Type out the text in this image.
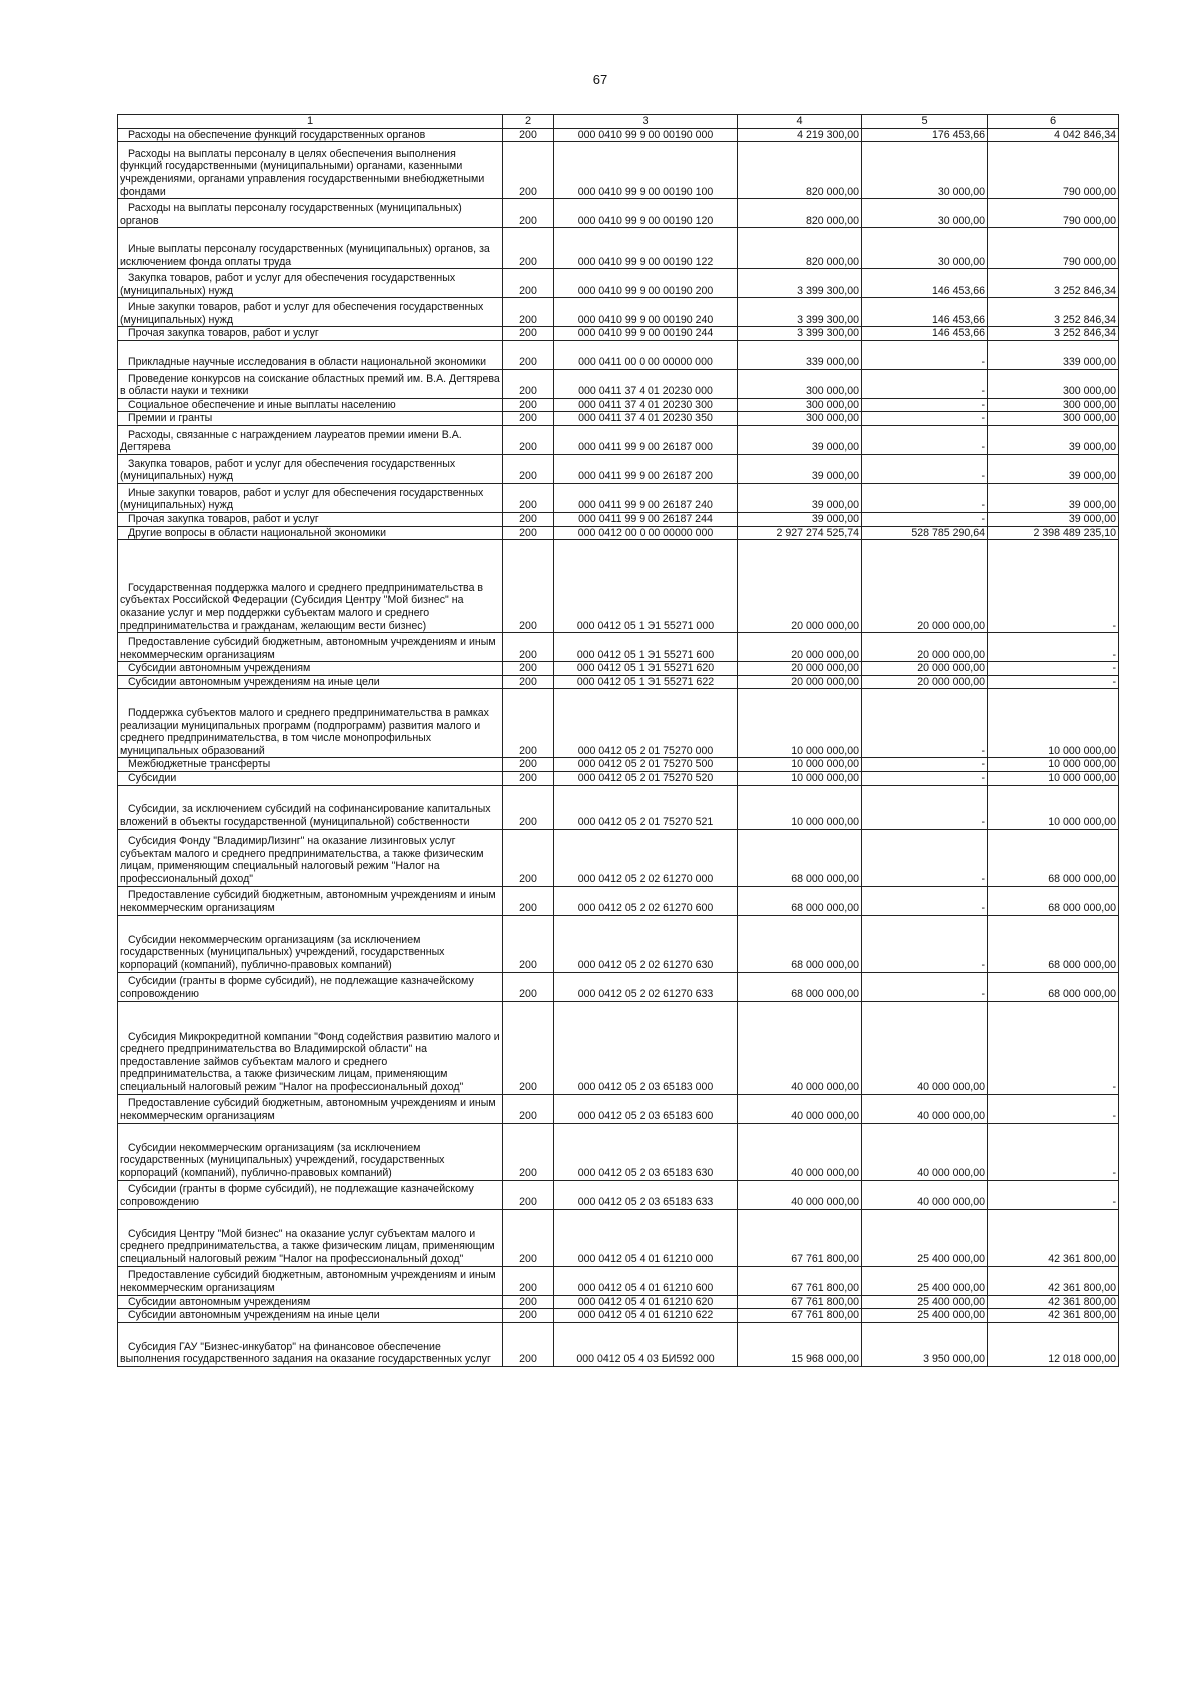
67
1	2	3	4	5	6

Расходы на обеспечение функций государственных органов	200	000 0410 99 9 00 00190 000	4 219 300,00	176 453,66	4 042 846,34

Расходы на выплаты персоналу в целях обеспечения выполнения функций государственными (муниципальными) органами, казенными учреждениями, органами управления государственными внебюджетными фондами	200	000 0410 99 9 00 00190 100	820 000,00	30 000,00	790 000,00

Расходы на выплаты персоналу государственных (муниципальных) органов	200	000 0410 99 9 00 00190 120	820 000,00	30 000,00	790 000,00

Иные выплаты персоналу государственных (муниципальных) органов, за исключением фонда оплаты труда	200	000 0410 99 9 00 00190 122	820 000,00	30 000,00	790 000,00

Закупка товаров, работ и услуг для обеспечения государственных (муниципальных) нужд	200	000 0410 99 9 00 00190 200	3 399 300,00	146 453,66	3 252 846,34

Иные закупки товаров, работ и услуг для обеспечения государственных (муниципальных) нужд	200	000 0410 99 9 00 00190 240	3 399 300,00	146 453,66	3 252 846,34

Прочая закупка товаров, работ и услуг	200	000 0410 99 9 00 00190 244	3 399 300,00	146 453,66	3 252 846,34

Прикладные научные исследования в области национальной экономики	200	000 0411 00 0 00 00000 000	339 000,00	-	339 000,00

Проведение конкурсов на соискание областных премий им. В.А. Дегтярева в области науки и техники	200	000 0411 37 4 01 20230 000	300 000,00	-	300 000,00

Социальное обеспечение и иные выплаты населению	200	000 0411 37 4 01 20230 300	300 000,00	-	300 000,00

Премии и гранты	200	000 0411 37 4 01 20230 350	300 000,00	-	300 000,00

Расходы, связанные с награждением лауреатов премии имени В.А. Дегтярева	200	000 0411 99 9 00 26187 000	39 000,00	-	39 000,00

Закупка товаров, работ и услуг для обеспечения государственных (муниципальных) нужд	200	000 0411 99 9 00 26187 200	39 000,00	-	39 000,00

Иные закупки товаров, работ и услуг для обеспечения государственных (муниципальных) нужд	200	000 0411 99 9 00 26187 240	39 000,00	-	39 000,00

Прочая закупка товаров, работ и услуг	200	000 0411 99 9 00 26187 244	39 000,00	-	39 000,00

Другие вопросы в области национальной экономики	200	000 0412 00 0 00 00000 000	2 927 274 525,74	528 785 290,64	2 398 489 235,10

Государственная поддержка малого и среднего предпринимательства в субъектах Российской Федерации (Субсидия Центру "Мой бизнес" на оказание услуг и мер поддержки субъектам малого и среднего предпринимательства и гражданам, желающим вести бизнес)	200	000 0412 05 1 Э1 55271 000	20 000 000,00	20 000 000,00	-

Предоставление субсидий бюджетным, автономным учреждениям и иным некоммерческим организациям	200	000 0412 05 1 Э1 55271 600	20 000 000,00	20 000 000,00	-

Субсидии автономным учреждениям	200	000 0412 05 1 Э1 55271 620	20 000 000,00	20 000 000,00	-

Субсидии автономным учреждениям на иные цели	200	000 0412 05 1 Э1 55271 622	20 000 000,00	20 000 000,00	-

Поддержка субъектов малого и среднего предпринимательства в рамках реализации муниципальных программ (подпрограмм) развития малого и среднего предпринимательства, в том числе монопрофильных муниципальных образований	200	000 0412 05 2 01 75270 000	10 000 000,00	-	10 000 000,00

Межбюджетные трансферты	200	000 0412 05 2 01 75270 500	10 000 000,00	-	10 000 000,00

Субсидии	200	000 0412 05 2 01 75270 520	10 000 000,00	-	10 000 000,00

Субсидии, за исключением субсидий на софинансирование капитальных вложений в объекты государственной (муниципальной) собственности	200	000 0412 05 2 01 75270 521	10 000 000,00	-	10 000 000,00

Субсидия Фонду "ВладимирЛизинг" на оказание лизинговых услуг субъектам малого и среднего предпринимательства, а также физическим лицам, применяющим специальный налоговый режим "Налог на профессиональный доход"	200	000 0412 05 2 02 61270 000	68 000 000,00	-	68 000 000,00

Предоставление субсидий бюджетным, автономным учреждениям и иным некоммерческим организациям	200	000 0412 05 2 02 61270 600	68 000 000,00	-	68 000 000,00

Субсидии некоммерческим организациям (за исключением государственных (муниципальных) учреждений, государственных корпораций (компаний), публично-правовых компаний)	200	000 0412 05 2 02 61270 630	68 000 000,00	-	68 000 000,00

Субсидии (гранты в форме субсидий), не подлежащие казначейскому сопровождению	200	000 0412 05 2 02 61270 633	68 000 000,00	-	68 000 000,00

Субсидия Микрокредитной компании "Фонд содействия развитию малого и среднего предпринимательства во Владимирской области" на предоставление займов субъектам малого и среднего предпринимательства, а также физическим лицам, применяющим специальный налоговый режим "Налог на профессиональный доход"	200	000 0412 05 2 03 65183 000	40 000 000,00	40 000 000,00	-

Предоставление субсидий бюджетным, автономным учреждениям и иным некоммерческим организациям	200	000 0412 05 2 03 65183 600	40 000 000,00	40 000 000,00	-

Субсидии некоммерческим организациям (за исключением государственных (муниципальных) учреждений, государственных корпораций (компаний), публично-правовых компаний)	200	000 0412 05 2 03 65183 630	40 000 000,00	40 000 000,00	-

Субсидии (гранты в форме субсидий), не подлежащие казначейскому сопровождению	200	000 0412 05 2 03 65183 633	40 000 000,00	40 000 000,00	-

Субсидия Центру "Мой бизнес" на оказание услуг субъектам малого и среднего предпринимательства, а также физическим лицам, применяющим специальный налоговый режим "Налог на профессиональный доход"	200	000 0412 05 4 01 61210 000	67 761 800,00	25 400 000,00	42 361 800,00

Предоставление субсидий бюджетным, автономным учреждениям и иным некоммерческим организациям	200	000 0412 05 4 01 61210 600	67 761 800,00	25 400 000,00	42 361 800,00

Субсидии автономным учреждениям	200	000 0412 05 4 01 61210 620	67 761 800,00	25 400 000,00	42 361 800,00

Субсидии автономным учреждениям на иные цели	200	000 0412 05 4 01 61210 622	67 761 800,00	25 400 000,00	42 361 800,00

Субсидия ГАУ "Бизнес-инкубатор" на финансовое обеспечение выполнения государственного задания на оказание государственных услуг	200	000 0412 05 4 03 БИ592 000	15 968 000,00	3 950 000,00	12 018 000,00
